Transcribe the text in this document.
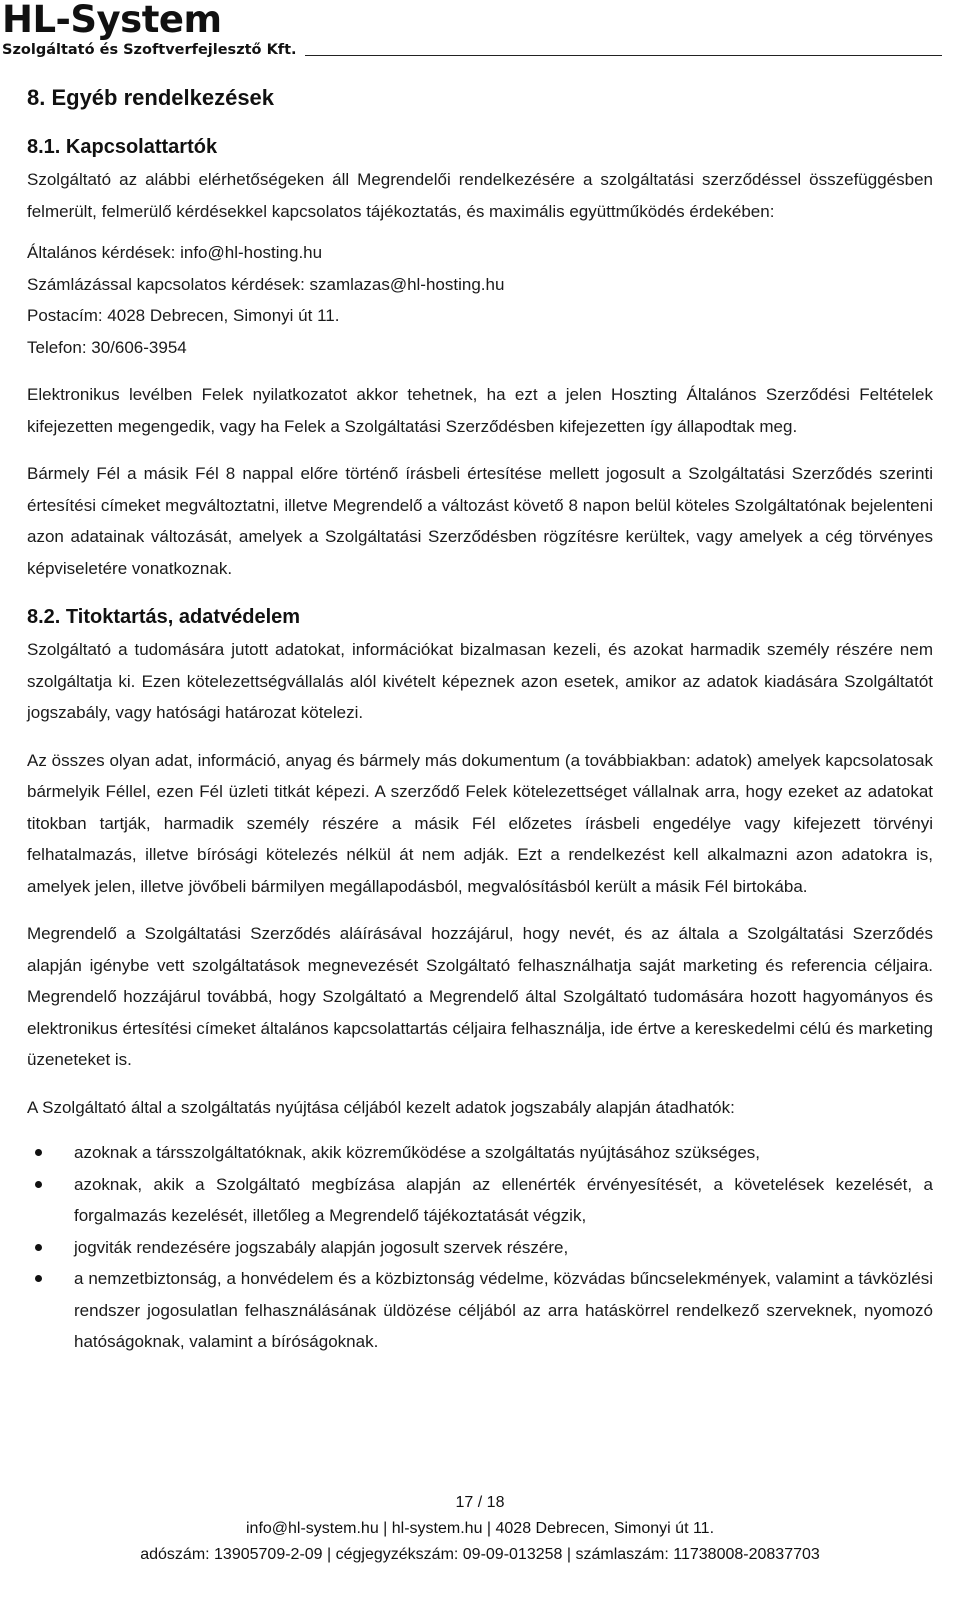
HL-System
Szolgáltató és Szoftverfejlesztő Kft.
8. Egyéb rendelkezések
8.1. Kapcsolattartók

Szolgáltató az alábbi elérhetőségeken áll Megrendelői rendelkezésére a szolgáltatási szerződéssel összefüggésben felmerült, felmerülő kérdésekkel kapcsolatos tájékoztatás, és maximális együttműködés érdekében:

Általános kérdések: info@hl-hosting.hu
Számlázással kapcsolatos kérdések: szamlazas@hl-hosting.hu
Postacím: 4028 Debrecen, Simonyi út 11.
Telefon: 30/606-3954

Elektronikus levélben Felek nyilatkozatot akkor tehetnek, ha ezt a jelen Hoszting Általános Szerződési Feltételek kifejezetten megengedik, vagy ha Felek a Szolgáltatási Szerződésben kifejezetten így állapodtak meg.

Bármely Fél a másik Fél 8 nappal előre történő írásbeli értesítése mellett jogosult a Szolgáltatási Szerződés szerinti értesítési címeket megváltoztatni, illetve Megrendelő a változást követő 8 napon belül köteles Szolgáltatónak bejelenteni azon adatainak változását, amelyek a Szolgáltatási Szerződésben rögzítésre kerültek, vagy amelyek a cég törvényes képviseletére vonatkoznak.

8.2. Titoktartás, adatvédelem

Szolgáltató a tudomására jutott adatokat, információkat bizalmasan kezeli, és azokat harmadik személy részére nem szolgáltatja ki. Ezen kötelezettségvállalás alól kivételt képeznek azon esetek, amikor az adatok kiadására Szolgáltatót jogszabály, vagy hatósági határozat kötelezi.

Az összes olyan adat, információ, anyag és bármely más dokumentum (a továbbiakban: adatok) amelyek kapcsolatosak bármelyik Féllel, ezen Fél üzleti titkát képezi. A szerződő Felek kötelezettséget vállalnak arra, hogy ezeket az adatokat titokban tartják, harmadik személy részére a másik Fél előzetes írásbeli engedélye vagy kifejezett törvényi felhatalmazás, illetve bírósági kötelezés nélkül át nem adják. Ezt a rendelkezést kell alkalmazni azon adatokra is, amelyek jelen, illetve jövőbeli bármilyen megállapodásból, megvalósításból került a másik Fél birtokába.

Megrendelő a Szolgáltatási Szerződés aláírásával hozzájárul, hogy nevét, és az általa a Szolgáltatási Szerződés alapján igénybe vett szolgáltatások megnevezését Szolgáltató felhasználhatja saját marketing és referencia céljaira. Megrendelő hozzájárul továbbá, hogy Szolgáltató a Megrendelő által Szolgáltató tudomására hozott hagyományos és elektronikus értesítési címeket általános kapcsolattartás céljaira felhasználja, ide értve a kereskedelmi célú és marketing üzeneteket is.

A Szolgáltató által a szolgáltatás nyújtása céljából kezelt adatok jogszabály alapján átadhatók:

azoknak a társszolgáltatóknak, akik közreműködése a szolgáltatás nyújtásához szükséges,
azoknak, akik a Szolgáltató megbízása alapján az ellenérték érvényesítését, a követelések kezelését, a forgalmazás kezelését, illetőleg a Megrendelő tájékoztatását végzik,
jogviták rendezésére jogszabály alapján jogosult szervek részére,
a nemzetbiztonság, a honvédelem és a közbiztonság védelme, közvádas bűncselekmények, valamint a távközlési rendszer jogosulatlan felhasználásának üldözése céljából az arra hatáskörrel rendelkező szerveknek, nyomozó hatóságoknak, valamint a bíróságoknak.
17 / 18
info@hl-system.hu | hl-system.hu | 4028 Debrecen, Simonyi út 11.
adószám: 13905709-2-09 | cégjegyzékszám: 09-09-013258 | számlaszám: 11738008-20837703
